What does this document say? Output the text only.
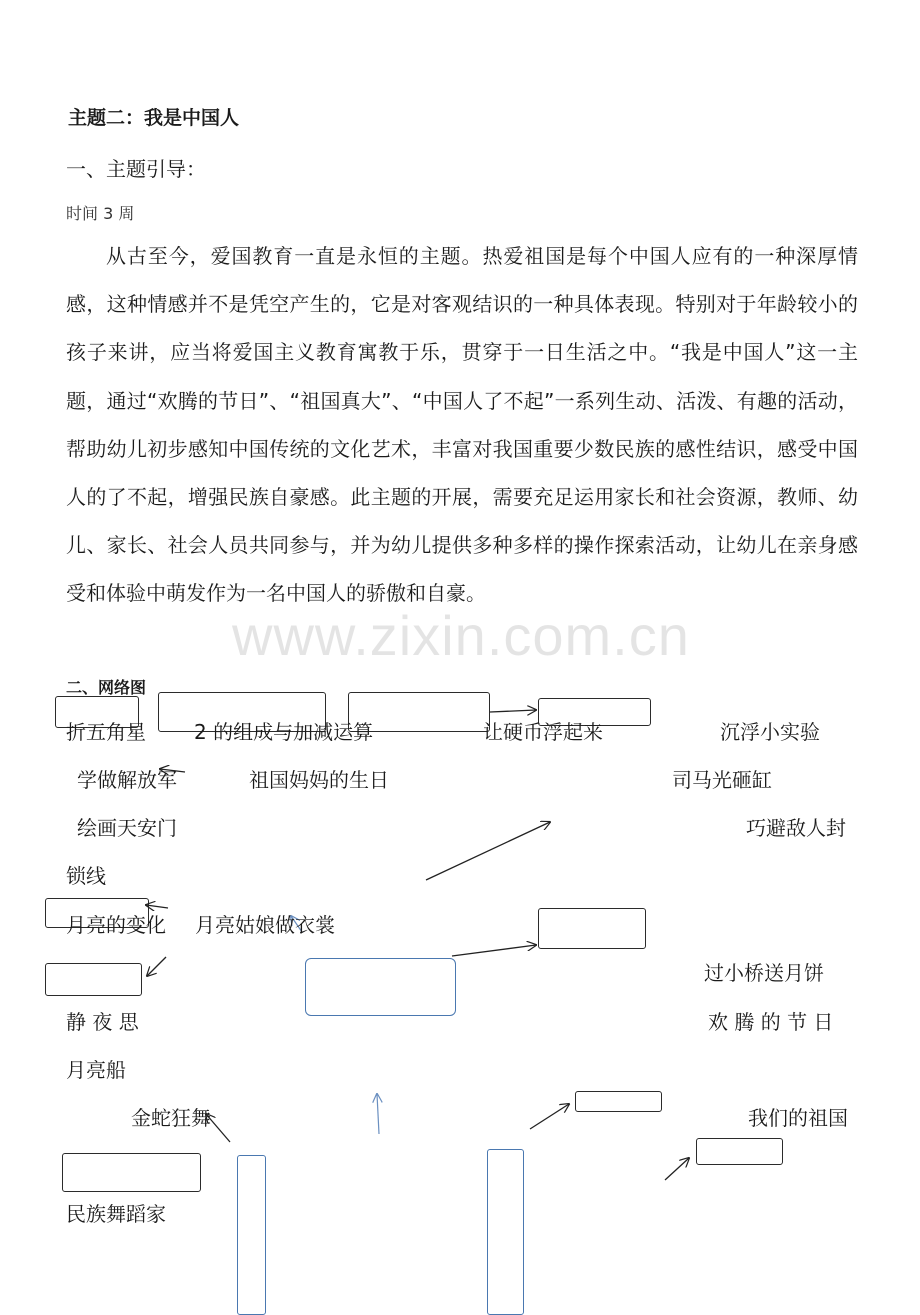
主题二：我是中国人
一、主题引导：
时间 3 周

从古至今，爱国教育一直是永恒的主题。热爱祖国是每个中国人应有的一种深厚情感，这种情感并不是凭空产生的，它是对客观结识的一种具体表现。特别对于年龄较小的孩子来讲，应当将爱国主义教育寓教于乐，贯穿于一日生活之中。“我是中国人”这一主题，通过“欢腾的节日”、“祖国真大”、“中国人了不起”一系列生动、活泼、有趣的活动，帮助幼儿初步感知中国传统的文化艺术，丰富对我国重要少数民族的感性结识，感受中国人的了不起，增强民族自豪感。此主题的开展，需要充足运用家长和社会资源，教师、幼儿、家长、社会人员共同参与，并为幼儿提供多种多样的操作探索活动，让幼儿在亲身感受和体验中萌发作为一名中国人的骄傲和自豪。

二、网络图
折五角星 2 的组成与加减运算	让硬币浮起来	沉浮小实验
学做解放军	祖国妈妈的生日	司马光砸缸
绘画天安门	巧避敌人封
锁线
月亮的变化 月亮姑娘做衣裳
过小桥送月饼
静 夜 思	欢 腾 的 节 日
月亮船
金蛇狂舞	我们的祖国
民族舞蹈家
www.zixin.com.cn
